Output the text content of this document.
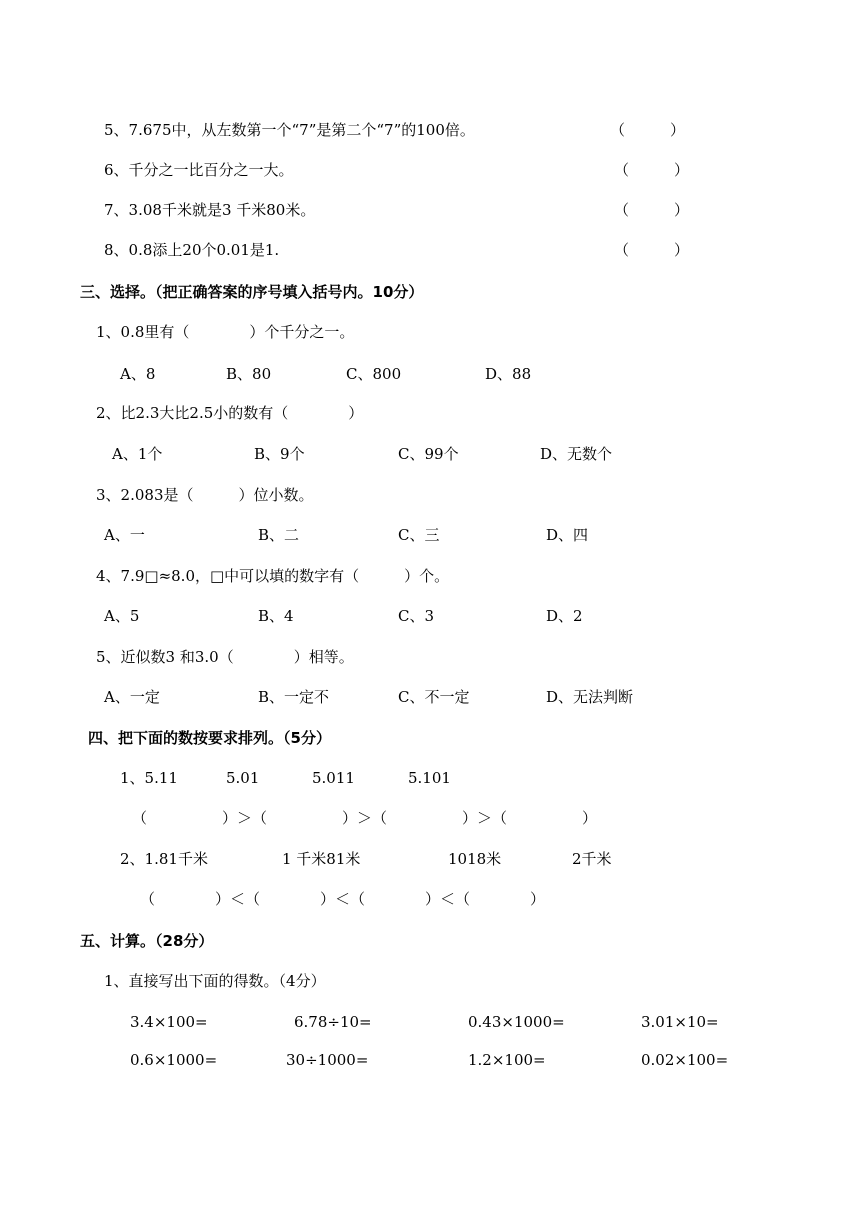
5、7.675中，从左数第一个“7”是第二个“7”的100倍。	（　　　）
6、千分之一比百分之一大。	（　　　）
7、3.08千米就是3 千米80米。	（　　　）
8、0.8添上20个0.01是1.	（　　　）
三、选择。（把正确答案的序号填入括号内。10分）
1、0.8里有（　　　　）个千分之一。
A、8	B、80	C、800	D、88
2、比2.3大比2.5小的数有（　　　　）
A、1个	B、9个	C、99个	D、无数个
3、2.083是（　　　）位小数。
A、一	B、二	C、三	D、四
4、7.9□≈8.0，□中可以填的数字有（　　　）个。
A、5	B、4	C、3	D、2
5、近似数3 和3.0（　　　　）相等。
A、一定	B、一定不	C、不一定	D、无法判断
四、把下面的数按要求排列。（5分）
1、5.11	5.01	5.011	5.101
（　　　　　）＞（　　　　　）＞（　　　　　）＞（　　　　　）
2、1.81千米	1 千米81米	1018米	2千米
（　　　　）＜（　　　　）＜（　　　　）＜（　　　　）
五、计算。（28分）
1、直接写出下面的得数。（4分）
3.4×100=	6.78÷10=	0.43×1000=	3.01×10=
0.6×1000=	30÷1000=	1.2×100=	0.02×100=
